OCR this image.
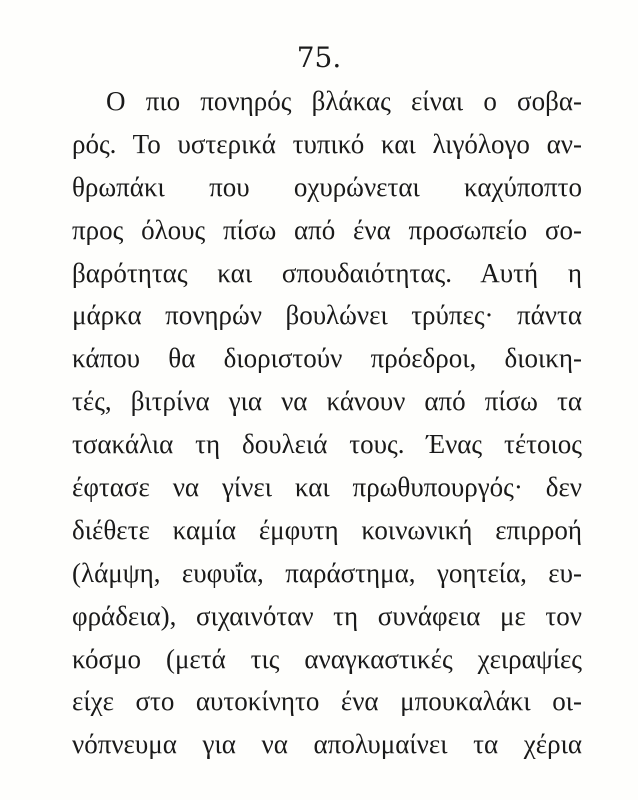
75.
Ο πιο πονηρός βλάκας είναι ο σοβα-
ρός. Το υστερικά τυπικό και λιγόλογο αν-
θρωπάκι που οχυρώνεται καχύποπτο
προς όλους πίσω από ένα προσωπείο σο-
βαρότητας και σπουδαιότητας. Αυτή η
μάρκα πονηρών βουλώνει τρύπες· πάντα
κάπου θα διοριστούν πρόεδροι, διοικη-
τές, βιτρίνα για να κάνουν από πίσω τα
τσακάλια τη δουλειά τους. Ένας τέτοιος
έφτασε να γίνει και πρωθυπουργός· δεν
διέθετε καμία έμφυτη κοινωνική επιρροή
(λάμψη, ευφυΐα, παράστημα, γοητεία, ευ-
φράδεια), σιχαινόταν τη συνάφεια με τον
κόσμο (μετά τις αναγκαστικές χειραψίες
είχε στο αυτοκίνητο ένα μπουκαλάκι οι-
νόπνευμα για να απολυμαίνει τα χέρια
